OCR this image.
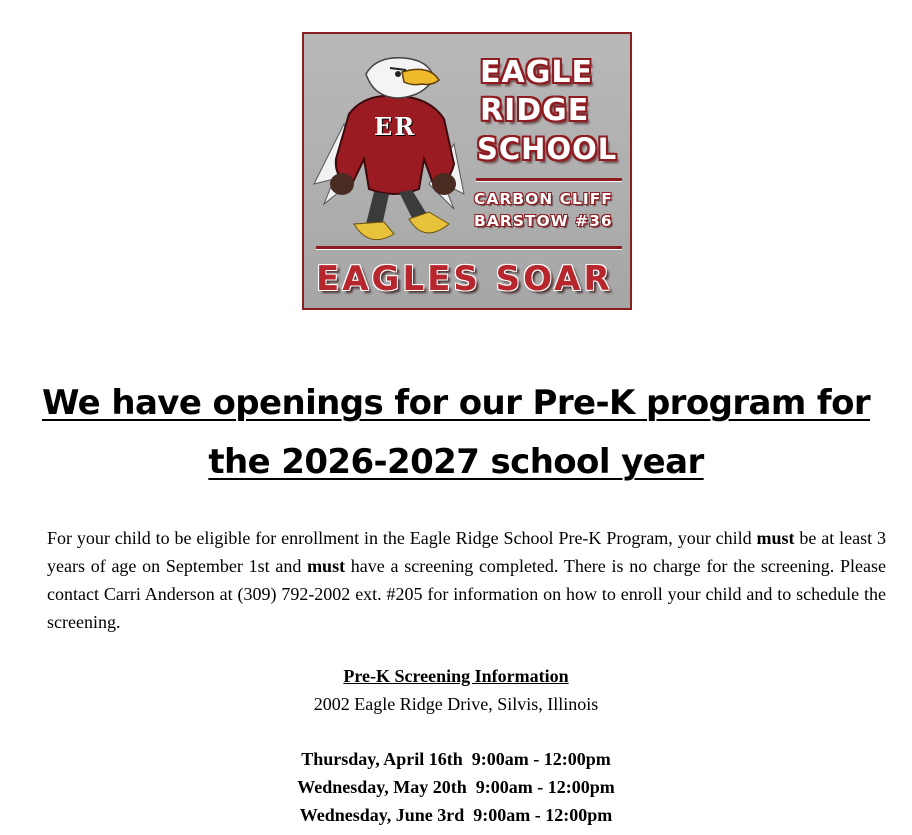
ER
EAGLE
RIDGE
SCHOOL
CARBON CLIFF
BARSTOW #36
EAGLES SOAR
We have openings for our Pre-K program for
the 2026-2027 school year

For your child to be eligible for enrollment in the Eagle Ridge School Pre-K Program, your child must be at least 3 years of age on September 1st and must have a screening completed. There is no charge for the screening. Please contact Carri Anderson at (309) 792-2002 ext. #205 for information on how to enroll your child and to schedule the screening.

Pre-K Screening Information
2002 Eagle Ridge Drive, Silvis, Illinois
Thursday, April 16th  9:00am - 12:00pm
Wednesday, May 20th  9:00am - 12:00pm
Wednesday, June 3rd  9:00am - 12:00pm
